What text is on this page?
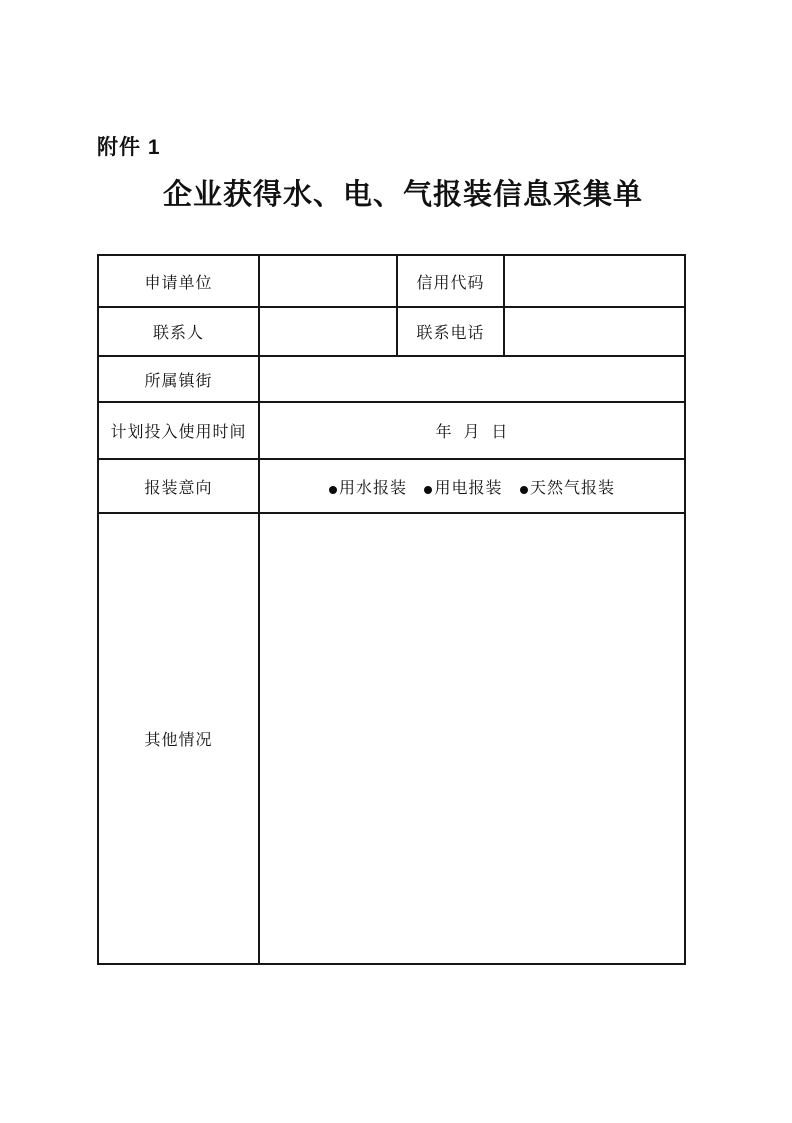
附件 1
企业获得水、电、气报装信息采集单
申请单位		信用代码	
联系人		联系电话	
所属镇街			
计划投入使用时间	年  月  日		
报装意向	用水报装 用电报装 天然气报装		
其他情况			
